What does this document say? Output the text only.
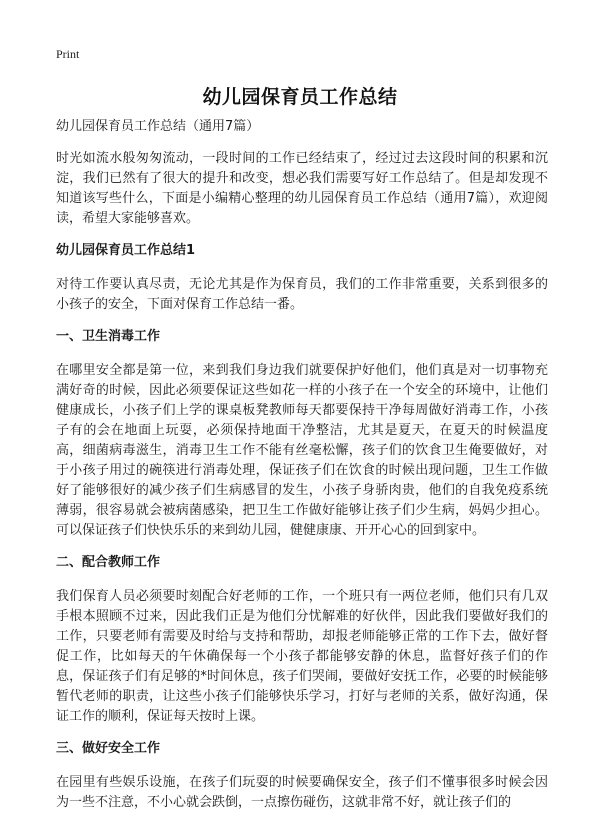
Print
幼儿园保育员工作总结
幼儿园保育员工作总结（通用7篇）

时光如流水般匆匆流动，一段时间的工作已经结束了，经过过去这段时间的积累和沉淀，我们已然有了很大的提升和改变，想必我们需要写好工作总结了。但是却发现不知道该写些什么，下面是小编精心整理的幼儿园保育员工作总结（通用7篇），欢迎阅读，希望大家能够喜欢。

幼儿园保育员工作总结1

对待工作要认真尽责，无论尤其是作为保育员，我们的工作非常重要，关系到很多的小孩子的安全，下面对保育工作总结一番。

一、卫生消毒工作

在哪里安全都是第一位，来到我们身边我们就要保护好他们，他们真是对一切事物充满好奇的时候，因此必须要保证这些如花一样的小孩子在一个安全的环境中，让他们健康成长，小孩子们上学的课桌板凳教师每天都要保持干净每周做好消毒工作，小孩子有的会在地面上玩耍，必须保持地面干净整洁，尤其是夏天，在夏天的时候温度高，细菌病毒滋生，消毒卫生工作不能有丝毫松懈，孩子们的饮食卫生俺要做好，对于小孩子用过的碗筷进行消毒处理，保证孩子们在饮食的时候出现问题，卫生工作做好了能够很好的减少孩子们生病感冒的发生，小孩子身骄肉贵，他们的自我免疫系统薄弱，很容易就会被病菌感染，把卫生工作做好能够让孩子们少生病，妈妈少担心。可以保证孩子们快快乐乐的来到幼儿园，健健康康、开开心心的回到家中。

二、配合教师工作

我们保育人员必须要时刻配合好老师的工作，一个班只有一两位老师，他们只有几双手根本照顾不过来，因此我们正是为他们分忧解难的好伙伴，因此我们要做好我们的工作，只要老师有需要及时给与支持和帮助，却报老师能够正常的工作下去，做好督促工作，比如每天的午休确保每一个小孩子都能够安静的休息，监督好孩子们的作息，保证孩子们有足够的*时间休息，孩子们哭闹，要做好安抚工作，必要的时候能够暂代老师的职责，让这些小孩子们能够快乐学习，打好与老师的关系，做好沟通，保证工作的顺利，保证每天按时上课。

三、做好安全工作

在园里有些娱乐设施，在孩子们玩耍的时候要确保安全，孩子们不懂事很多时候会因为一些不注意，不小心就会跌倒，一点擦伤碰伤，这就非常不好，就让孩子们的
